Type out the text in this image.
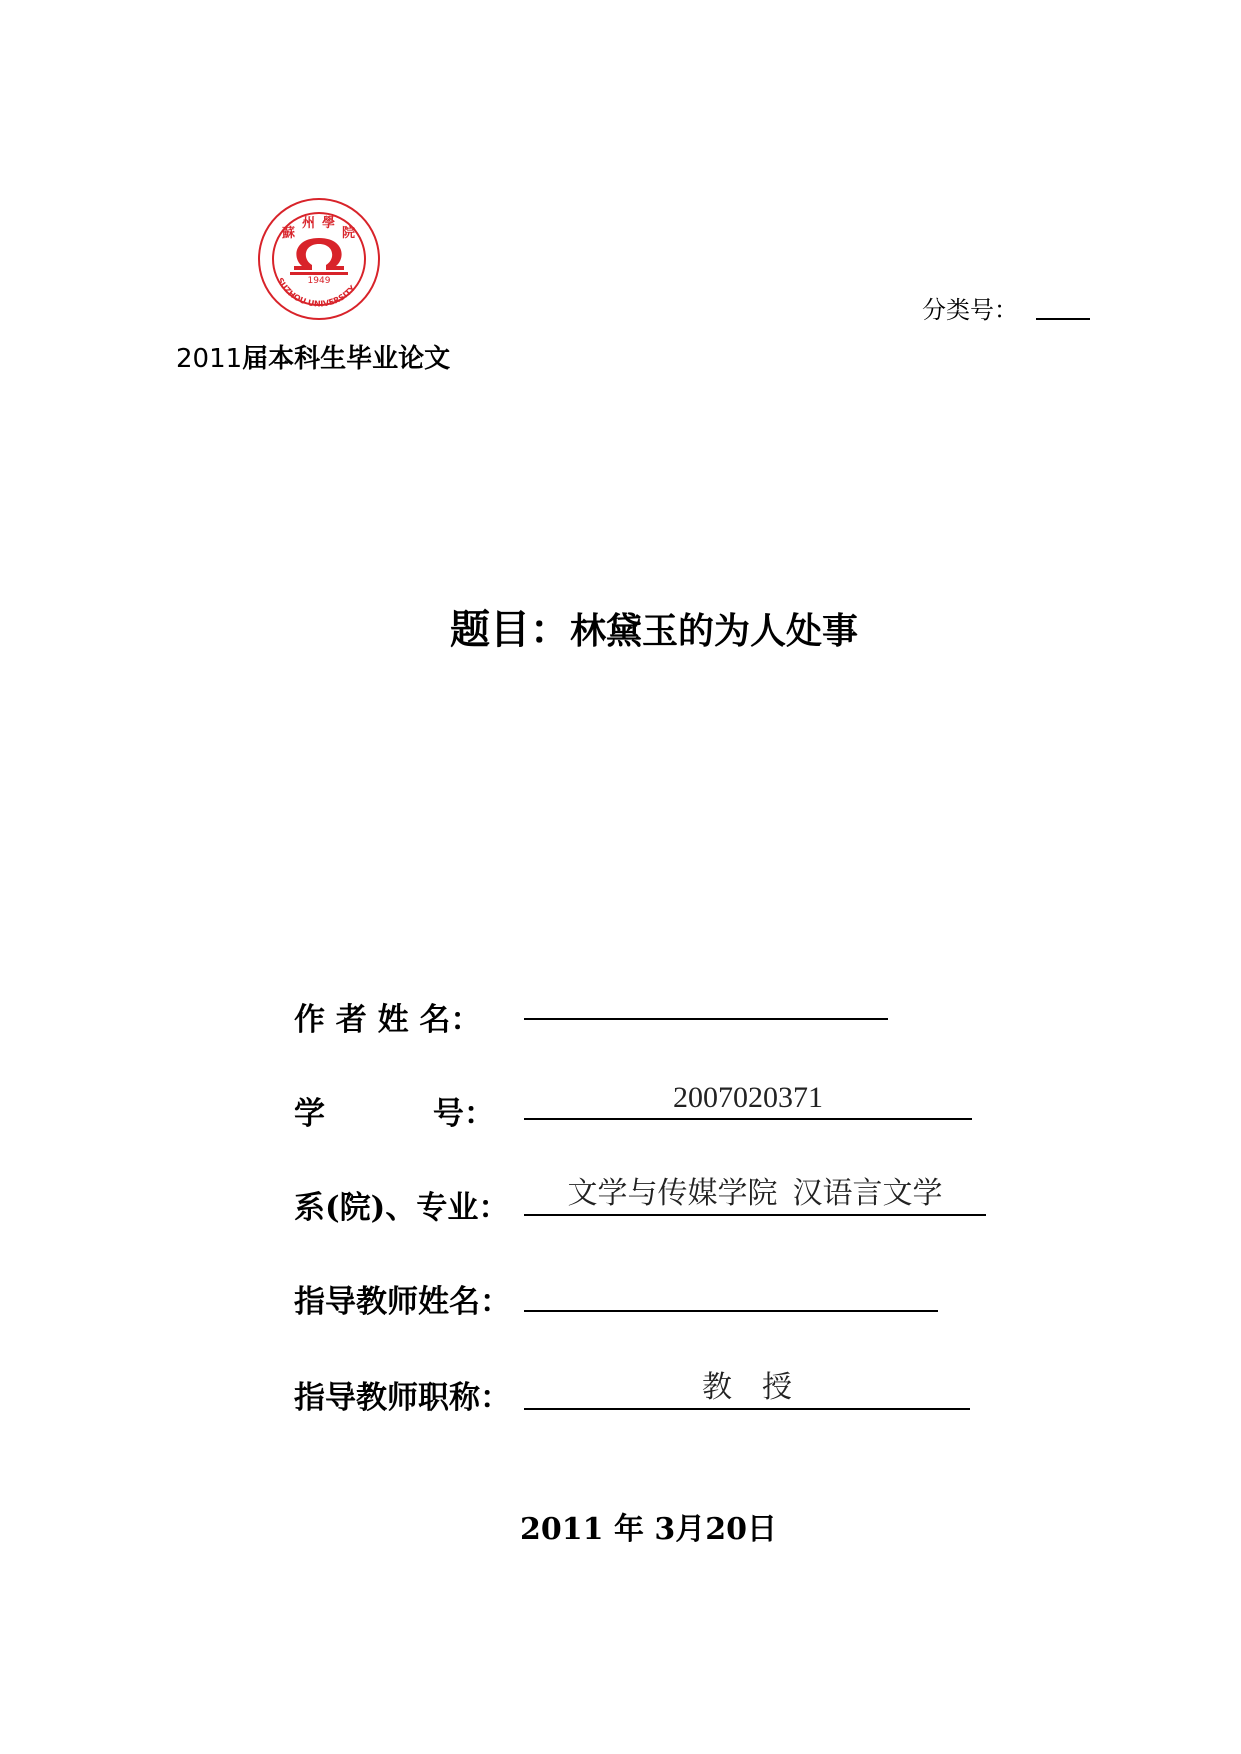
蘇
州 學
院
1949
SUZHOU UNIVERSITY
分类号：
2011届本科生毕业论文
题目：林黛玉的为人处事
作 者 姓 名：
学          号：	2007020371
系(院)、专业：	文学与传媒学院  汉语言文学
指导教师姓名：
指导教师职称：	教    授
2011 年 3月20日
